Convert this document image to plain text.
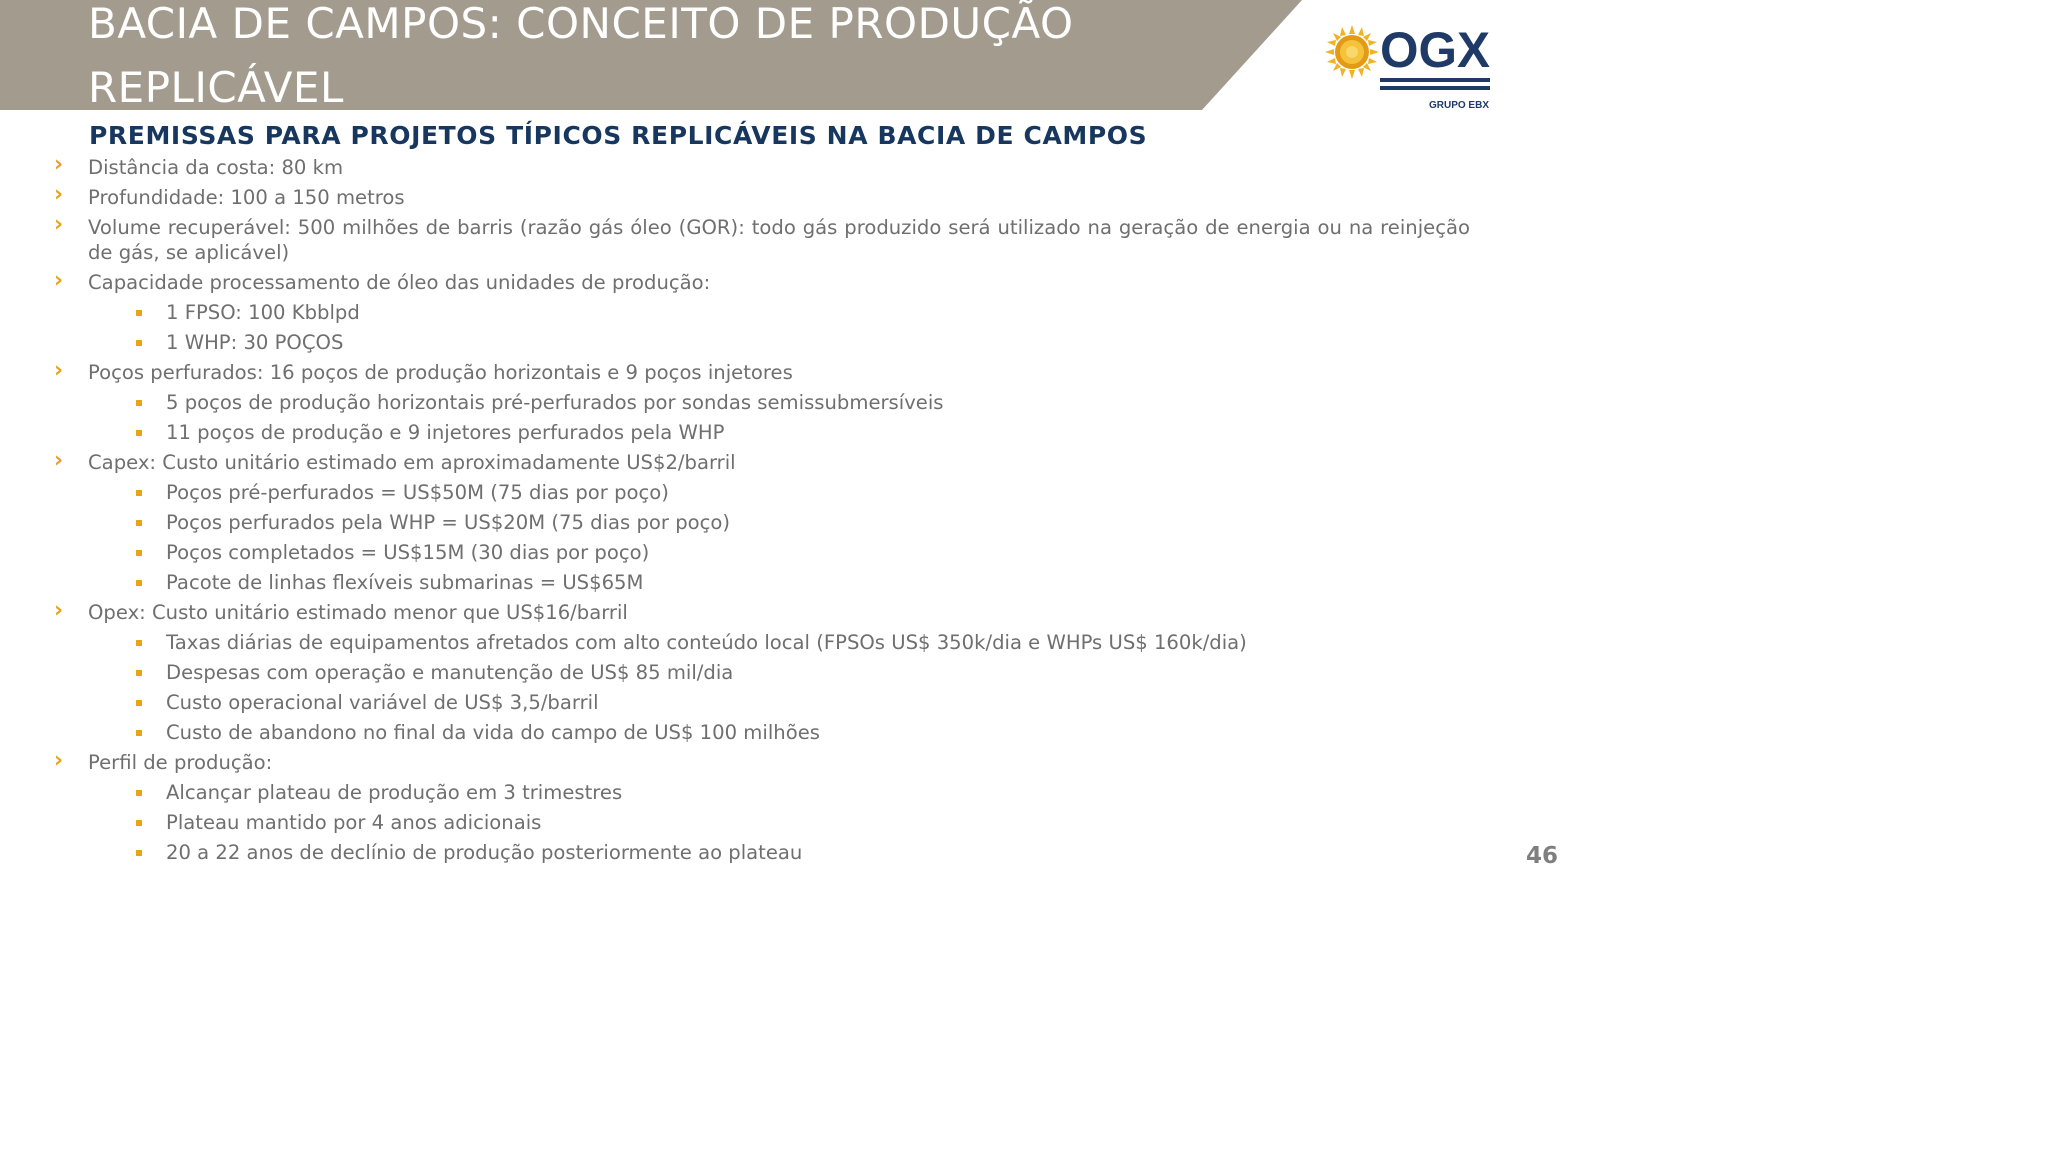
BACIA DE CAMPOS: CONCEITO DE PRODUÇÃO REPLICÁVEL
OGX
GRUPO EBX
PREMISSAS PARA PROJETOS TÍPICOS REPLICÁVEIS NA BACIA DE CAMPOS
› Distância da costa: 80 km
› Profundidade: 100 a 150 metros
› Volume recuperável: 500 milhões de barris (razão gás óleo (GOR): todo gás produzido será utilizado na geração de energia ou na reinjeção de gás, se aplicável)
› Capacidade processamento de óleo das unidades de produção:
1 FPSO: 100 Kbblpd
1 WHP: 30 POÇOS
› Poços perfurados: 16 poços de produção horizontais e 9 poços injetores
5 poços de produção horizontais pré-perfurados por sondas semissubmersíveis
11 poços de produção e 9 injetores perfurados pela WHP
› Capex: Custo unitário estimado em aproximadamente US$2/barril
Poços pré-perfurados = US$50M (75 dias por poço)
Poços perfurados pela WHP = US$20M (75 dias por poço)
Poços completados = US$15M (30 dias por poço)
Pacote de linhas flexíveis submarinas = US$65M
› Opex: Custo unitário estimado menor que US$16/barril
Taxas diárias de equipamentos afretados com alto conteúdo local (FPSOs US$ 350k/dia e WHPs US$ 160k/dia)
Despesas com operação e manutenção de US$ 85 mil/dia
Custo operacional variável de US$ 3,5/barril
Custo de abandono no final da vida do campo de US$ 100 milhões
› Perfil de produção:
Alcançar plateau de produção em 3 trimestres
Plateau mantido por 4 anos adicionais
20 a 22 anos de declínio de produção posteriormente ao plateau	46
